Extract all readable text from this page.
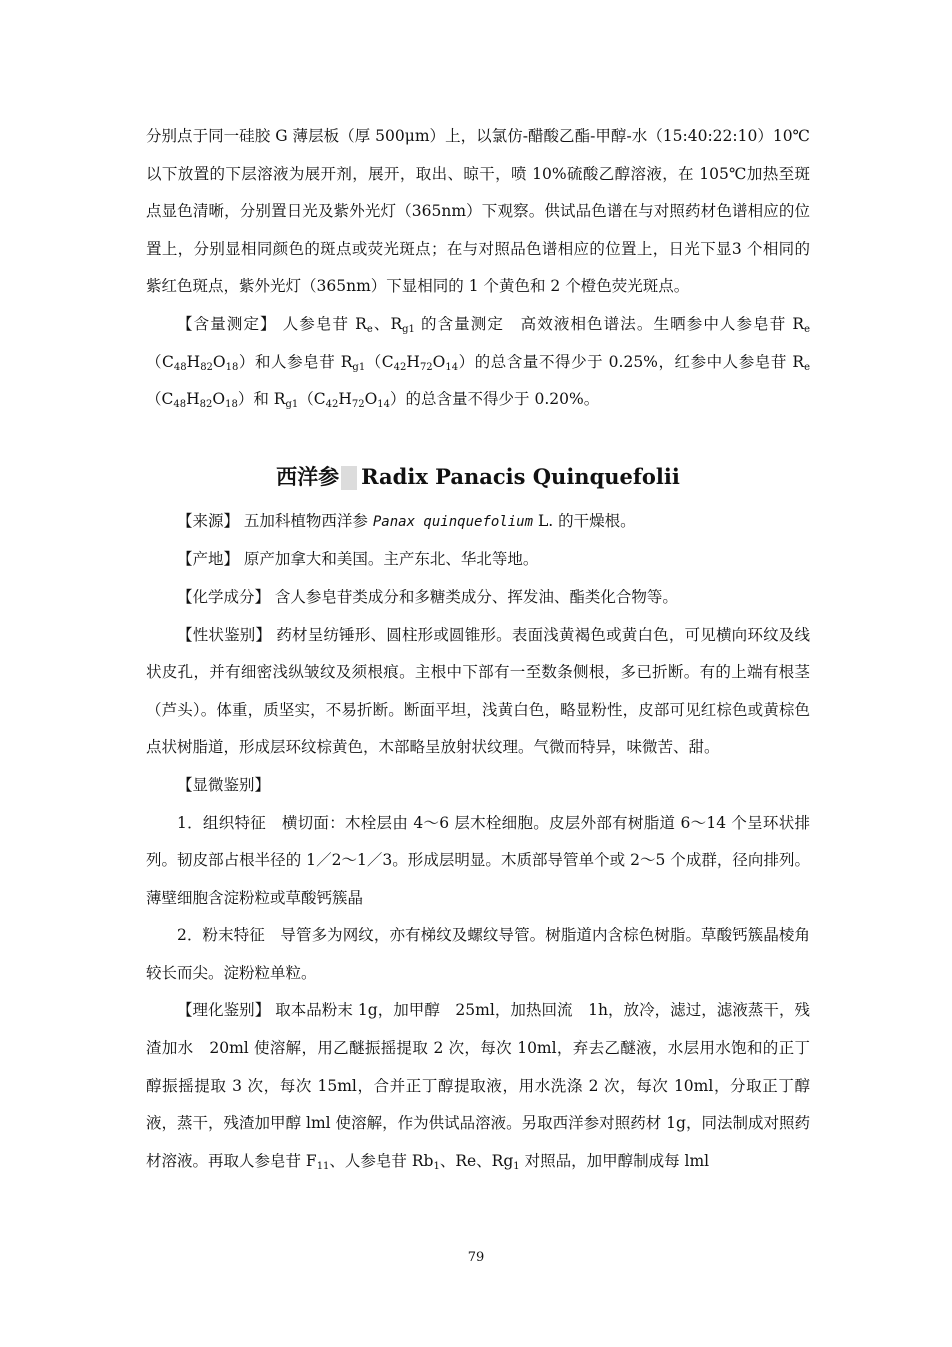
分别点于同一硅胶 G 薄层板（厚 500μm）上，以氯仿-醋酸乙酯-甲醇-水（15:40:22:10）10℃以下放置的下层溶液为展开剂，展开，取出、晾干，喷 10%硫酸乙醇溶液，在 105℃加热至斑点显色清晰，分别置日光及紫外光灯（365nm）下观察。供试品色谱在与对照药材色谱相应的位置上，分别显相同颜色的斑点或荧光斑点；在与对照品色谱相应的位置上，日光下显3 个相同的紫红色斑点，紫外光灯（365nm）下显相同的 1 个黄色和 2 个橙色荧光斑点。

【含量测定】 人参皂苷 $R_e$、$R_{g1}$ 的含量测定　高效液相色谱法。生晒参中人参皂苷 $R_e(C_{48}H_{82}O_{18})$和人参皂苷 $R_{g1}(C_{42}H_{72}O_{14})$的总含量不得少于 0.25%，红参中人参皂苷 $R_e(C_{48}H_{82}O_{18})$和 $R_{g1}(C_{42}H_{72}O_{14})$的总含量不得少于 0.20%。

西洋参 Radix Panacis Quinquefolii

【来源】 五加科植物西洋参 Panax quinquefolium L. 的干燥根。

【产地】 原产加拿大和美国。主产东北、华北等地。

【化学成分】 含人参皂苷类成分和多糖类成分、挥发油、酯类化合物等。

【性状鉴别】 药材呈纺锤形、圆柱形或圆锥形。表面浅黄褐色或黄白色，可见横向环纹及线状皮孔，并有细密浅纵皱纹及须根痕。主根中下部有一至数条侧根，多已折断。有的上端有根茎（芦头）。体重，质坚实，不易折断。断面平坦，浅黄白色，略显粉性，皮部可见红棕色或黄棕色点状树脂道，形成层环纹棕黄色，木部略呈放射状纹理。气微而特异，味微苦、甜。

【显微鉴别】

1．组织特征　横切面：木栓层由 4～6 层木栓细胞。皮层外部有树脂道 6～14 个呈环状排列。韧皮部占根半径的 1／2～1／3。形成层明显。木质部导管单个或 2～5 个成群，径向排列。薄壁细胞含淀粉粒或草酸钙簇晶

2．粉末特征　导管多为网纹，亦有梯纹及螺纹导管。树脂道内含棕色树脂。草酸钙簇晶棱角较长而尖。淀粉粒单粒。

【理化鉴别】 取本品粉末 1g，加甲醇　25ml，加热回流　1h，放冷，滤过，滤液蒸干，残渣加水　20ml 使溶解，用乙醚振摇提取 2 次，每次 10ml，弃去乙醚液，水层用水饱和的正丁醇振摇提取 3 次，每次 15ml，合并正丁醇提取液，用水洗涤 2 次，每次 10ml，分取正丁醇液，蒸干，残渣加甲醇 lml 使溶解，作为供试品溶液。另取西洋参对照药材 1g，同法制成对照药材溶液。再取人参皂苷 $F_{11}$、人参皂苷 $Rb_1$、Re、$Rg_1$ 对照品，加甲醇制成每 lml

79
